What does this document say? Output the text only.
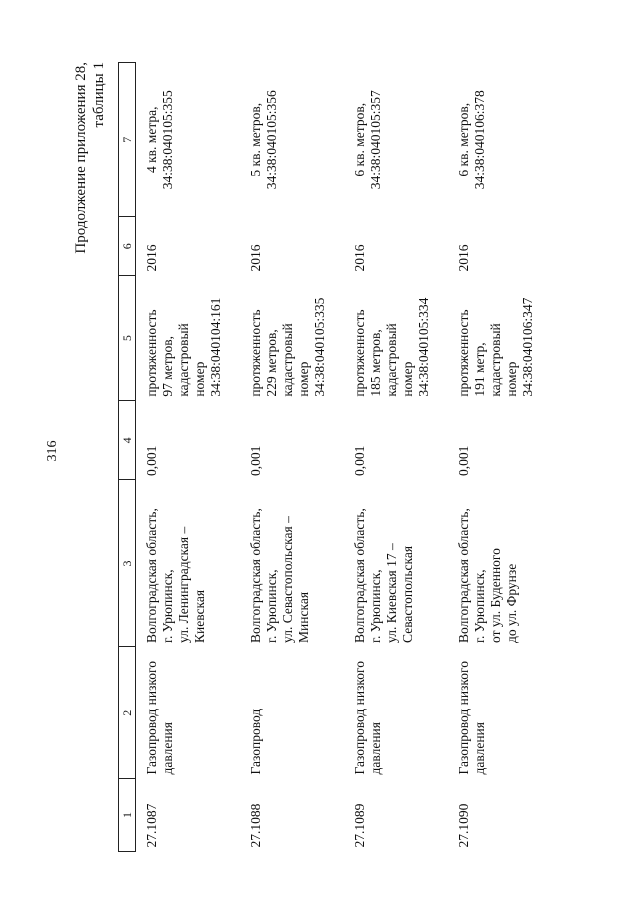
316
Продолжение приложения 28, таблицы 1
1	2	3	4	5	6	7
27.1087	Газопровод низкого давления	Волгоградская область, г. Урюпинск, ул. Ленинградская – Киевская	0,001	протяженность 97 метров, кадастровый номер 34:38:040104:161	2016	4 кв. метра, 34:38:040105:355

27.1088	Газопровод	Волгоградская область, г. Урюпинск, ул. Севастопольская – Минская	0,001	протяженность 229 метров, кадастровый номер 34:38:040105:335	2016	5 кв. метров, 34:38:040105:356

27.1089	Газопровод низкого давления	Волгоградская область, г. Урюпинск, ул. Киевская 17 – Севастопольская	0,001	протяженность 185 метров, кадастровый номер 34:38:040105:334	2016	6 кв. метров, 34:38:040105:357

27.1090	Газопровод низкого давления	Волгоградская область, г. Урюпинск, от ул. Буденного до ул. Фрунзе	0,001	протяженность 191 метр, кадастровый номер 34:38:040106:347	2016	6 кв. метров, 34:38:040106:378
